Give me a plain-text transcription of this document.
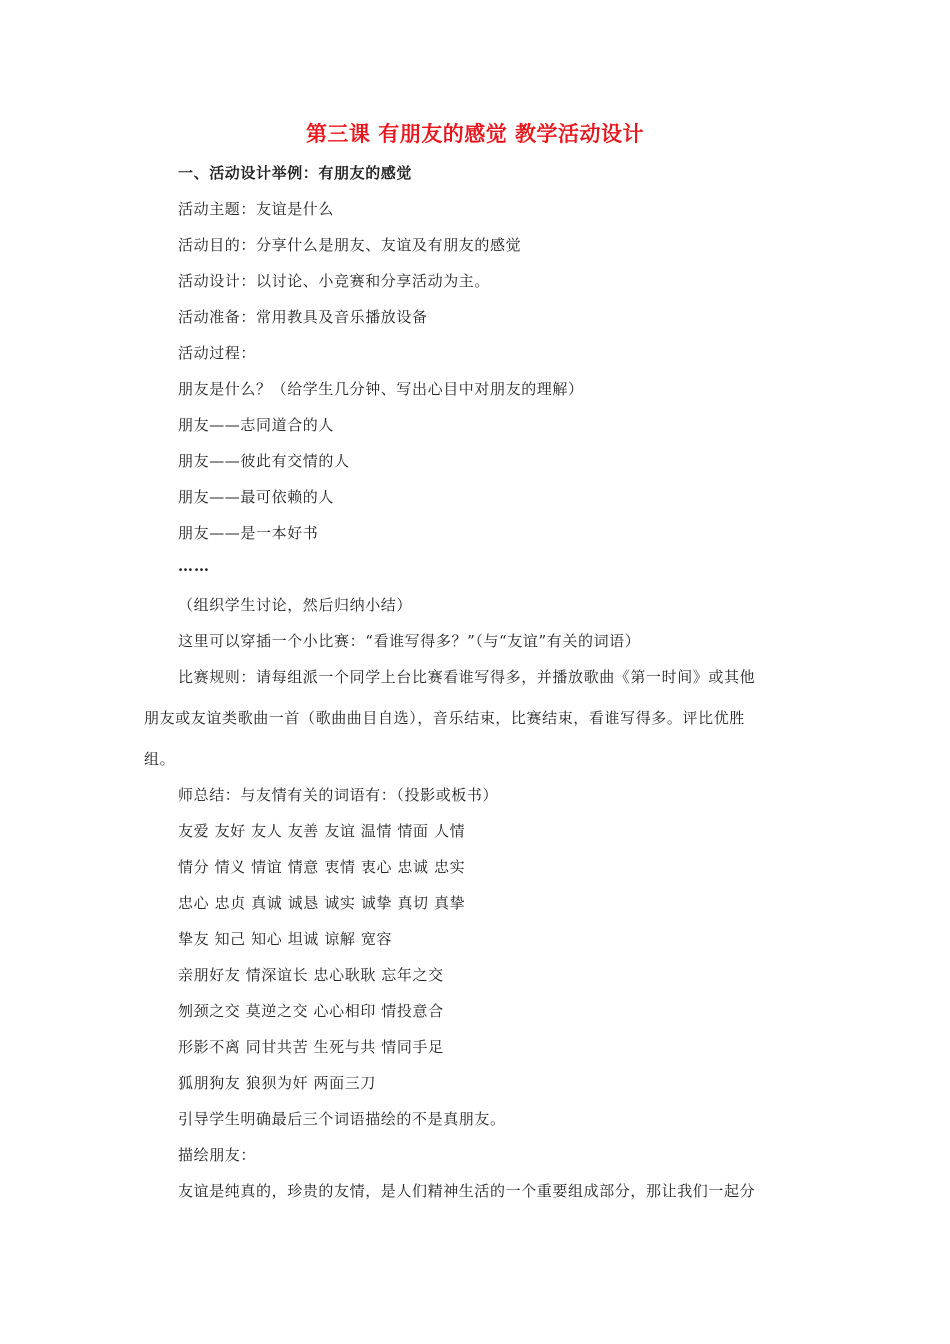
第三课 有朋友的感觉 教学活动设计
一、活动设计举例：有朋友的感觉
活动主题：友谊是什么
活动目的：分享什么是朋友、友谊及有朋友的感觉
活动设计：以讨论、小竞赛和分享活动为主。
活动准备：常用教具及音乐播放设备
活动过程：
朋友是什么？（给学生几分钟、写出心目中对朋友的理解）
朋友——志同道合的人
朋友——彼此有交情的人
朋友——最可依赖的人
朋友——是一本好书
……
（组织学生讨论，然后归纳小结）
这里可以穿插一个小比赛：“看谁写得多？”（与“友谊”有关的词语）
比赛规则：请每组派一个同学上台比赛看谁写得多，并播放歌曲《第一时间》或其他
朋友或友谊类歌曲一首（歌曲曲目自选），音乐结束，比赛结束，看谁写得多。评比优胜
组。
师总结：与友情有关的词语有：（投影或板书）
友爱 友好 友人 友善 友谊 温情 情面 人情
情分 情义 情谊 情意 衷情 衷心 忠诚 忠实
忠心 忠贞 真诚 诚恳 诚实 诚挚 真切 真挚
挚友 知己 知心 坦诚 谅解 宽容
亲朋好友 情深谊长 忠心耿耿 忘年之交
刎颈之交 莫逆之交 心心相印 情投意合
形影不离 同甘共苦 生死与共 情同手足
狐朋狗友 狼狈为奸 两面三刀
引导学生明确最后三个词语描绘的不是真朋友。
描绘朋友：
友谊是纯真的，珍贵的友情，是人们精神生活的一个重要组成部分，那让我们一起分
